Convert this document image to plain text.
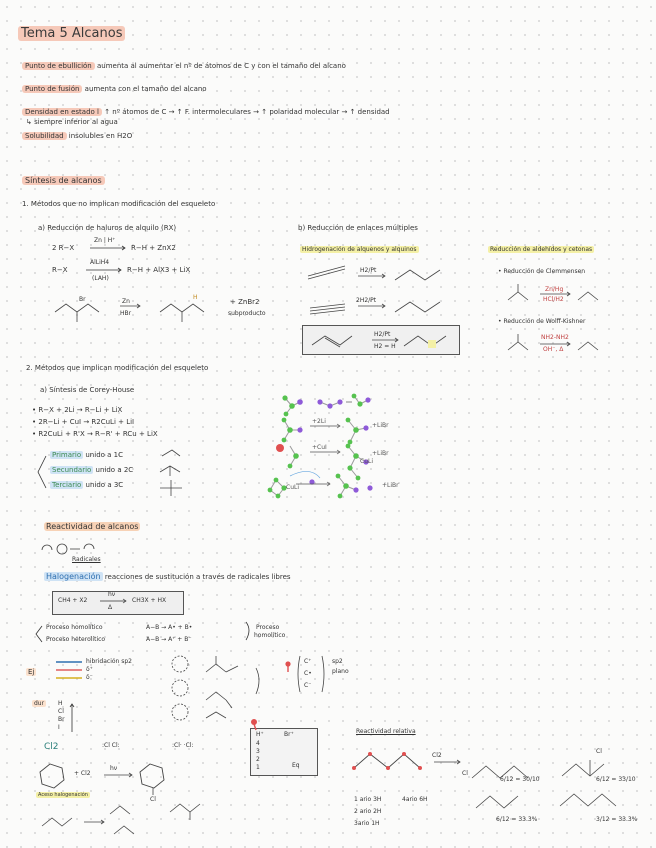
Tema 5 Alcanos
Punto de ebullición aumenta al aumentar el nº de átomos de C y con el tamaño del alcano
Punto de fusión aumenta con el tamaño del alcano
Densidad en estado l ↑ nº átomos de C → ↑ F. intermoleculares → ↑ polaridad molecular → ↑ densidad
↳ siempre inferior al agua
Solubilidad insolubles en H2O
Síntesis de alcanos
1. Métodos que no implican modificación del esqueleto
a) Reducción de haluros de alquilo (RX)
2 R−X
Zn | H⁺
R−H + ZnX2
R−X
AlLiH4
(LAH)
R−H + AlX3 + LiX
Br	H
Zn
HBr
+ ZnBr2
subproducto
b) Reducción de enlaces múltiples
Hidrogenación de alquenos y alquinos
H2/Pt
2H2/Pt
H2/Pt
H2 = H
Reducción de aldehídos y cetonas
• Reducción de Clemmensen
Zn/Hg
HCl/H2
• Reducción de Wolff-Kishner
NH2-NH2
OH⁻, Δ
2. Métodos que implican modificación del esqueleto
a) Síntesis de Corey-House
• R−X + 2Li → R−Li + LiX
• 2R−Li + CuI → R2CuLi + LiI
• R2CuLi + R'X → R−R' + RCu + LiX
Primario unido a 1C
Secundario unido a 2C
Terciario unido a 3C
+2Li
+LiBr
+CuI
+LiBr
+LiBr
CuLi
CuLi
Reactividad de alcanos
Radicales
Halogenación reacciones de sustitución a través de radicales libres
CH4 + X2
hν
Δ
CH3X + HX
Proceso homolítico	A−B → A• + B•
Proceso heterolítico	A−B → A⁺ + B⁻
Proceso
homolítico
Ej
hibridación sp2
δ⁺
δ⁻
C⁺
C•
C⁻
sp2
plano
dur	H
Cl
Br
I
Cl2	:Cl Cl:	:Cl· ·Cl:
H⁺	Br⁺
4
3
2
1	Eq
+ Cl2
hν
Cl
Aceso halogenación
Reactividad relativa
Cl2
Cl
Cl
1 ario 3H
2 ario 2H
3ario 1H
4ario 6H
6/12 = 30/10	6/12 = 33/10
6/12 = 33.3%	3/12 = 33.3%
